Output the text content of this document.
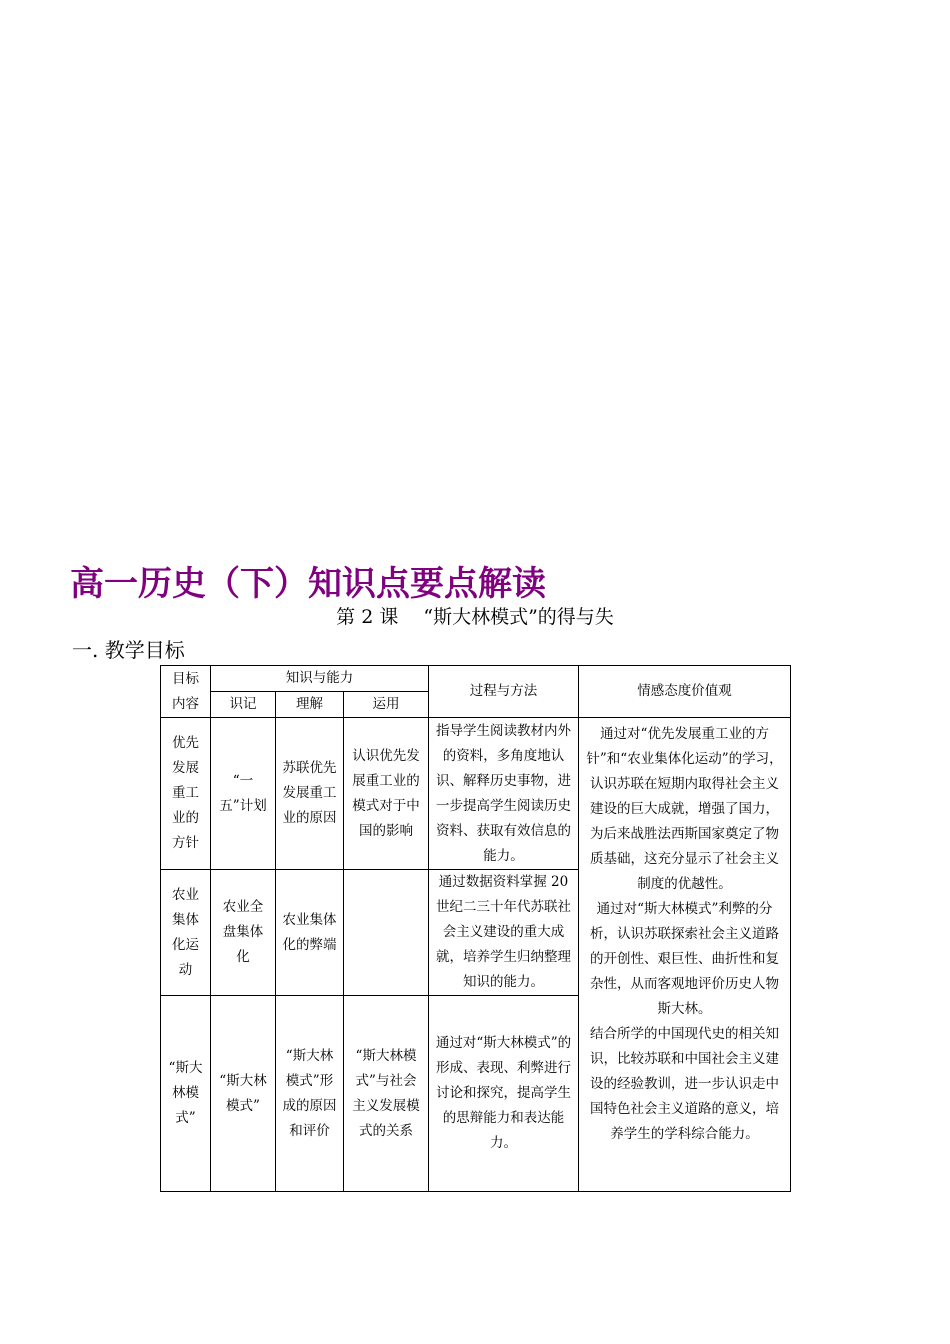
高一历史（下）知识点要点解读
第 2 课　 “斯大林模式”的得与失
一. 教学目标
目标
内容	知识与能力			过程与方法	情感态度价值观
	识记	理解	运用		
优先发展重工业的方针	“一五”计划	苏联优先发展重工业的原因	认识优先发展重工业的模式对于中国的影响	指导学生阅读教材内外的资料，多角度地认识、解释历史事物，进一步提高学生阅读历史资料、获取有效信息的能力。	通过对“优先发展重工业的方针”和“农业集体化运动”的学习，认识苏联在短期内取得社会主义建设的巨大成就，增强了国力，为后来战胜法西斯国家奠定了物质基础，这充分显示了社会主义制度的优越性。

通过对“斯大林模式”利弊的分析，认识苏联探索社会主义道路的开创性、艰巨性、曲折性和复杂性，从而客观地评价历史人物斯大林。

结合所学的中国现代史的相关知识，比较苏联和中国社会主义建设的经验教训，进一步认识走中国特色社会主义道路的意义，培养学生的学科综合能力。

农业集体化运动	农业全盘集体化	农业集体化的弊端		通过数据资料掌握 20 世纪二三十年代苏联社会主义建设的重大成就，培养学生归纳整理知识的能力。	
“斯大林模式”	“斯大林模式”	“斯大林模式”形成的原因和评价	“斯大林模式”与社会主义发展模式的关系	通过对“斯大林模式”的形成、表现、利弊进行讨论和探究，提高学生的思辩能力和表达能力。	
